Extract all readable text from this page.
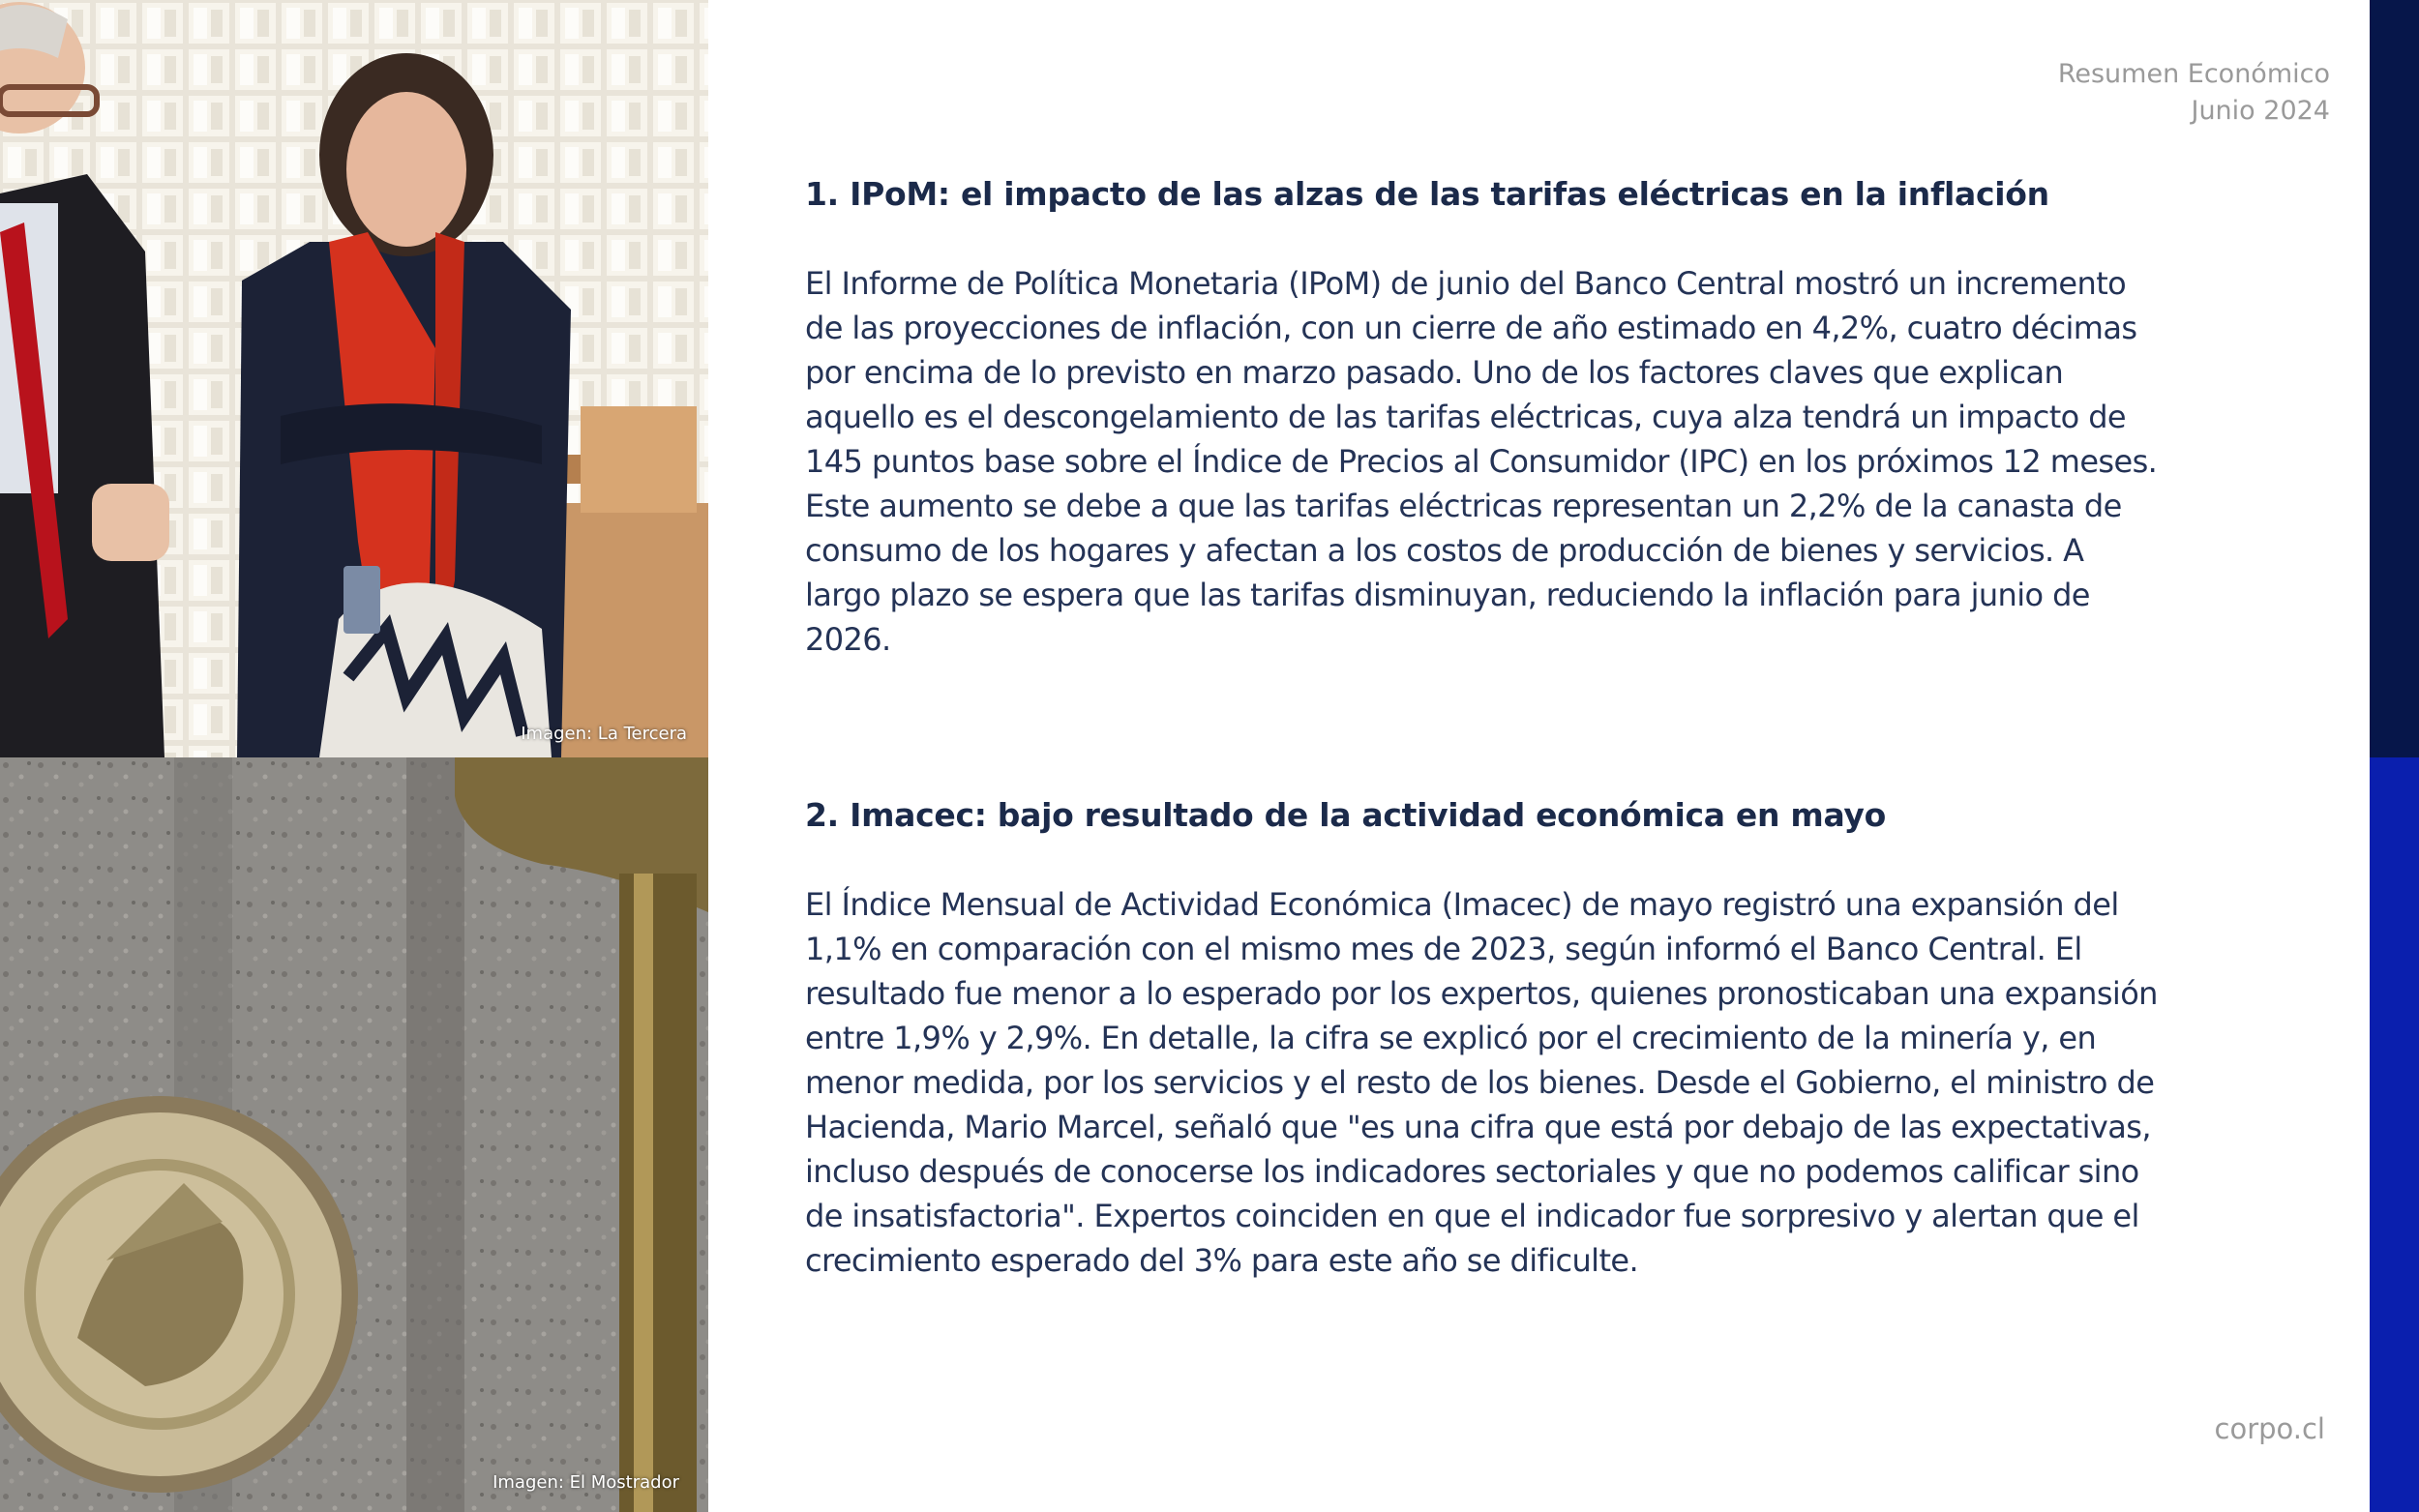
Imagen: La Tercera
Imagen: El Mostrador
Resumen Económico
Junio 2024
1. IPoM: el impacto de las alzas de las tarifas eléctricas en la inflación

El Informe de Política Monetaria (IPoM) de junio del Banco Central mostró un incremento de las proyecciones de inflación, con un cierre de año estimado en 4,2%, cuatro décimas por encima de lo previsto en marzo pasado. Uno de los factores claves que explican aquello es el descongelamiento de las tarifas eléctricas, cuya alza tendrá un impacto de 145 puntos base sobre el Índice de Precios al Consumidor (IPC) en los próximos 12 meses. Este aumento se debe a que las tarifas eléctricas representan un 2,2% de la canasta de consumo de los hogares y afectan a los costos de producción de bienes y servicios. A largo plazo se espera que las tarifas disminuyan, reduciendo la inflación para junio de 2026.

2. Imacec: bajo resultado de la actividad económica en mayo

El Índice Mensual de Actividad Económica (Imacec) de mayo registró una expansión del 1,1% en comparación con el mismo mes de 2023, según informó el Banco Central. El resultado fue menor a lo esperado por los expertos, quienes pronosticaban una expansión entre 1,9% y 2,9%. En detalle, la cifra se explicó por el crecimiento de la minería y, en menor medida, por los servicios y el resto de los bienes. Desde el Gobierno, el ministro de Hacienda, Mario Marcel, señaló que "es una cifra que está por debajo de las expectativas, incluso después de conocerse los indicadores sectoriales y que no podemos calificar sino de insatisfactoria". Expertos coinciden en que el indicador fue sorpresivo y alertan que el crecimiento esperado del 3% para este año se dificulte.

corpo.cl
